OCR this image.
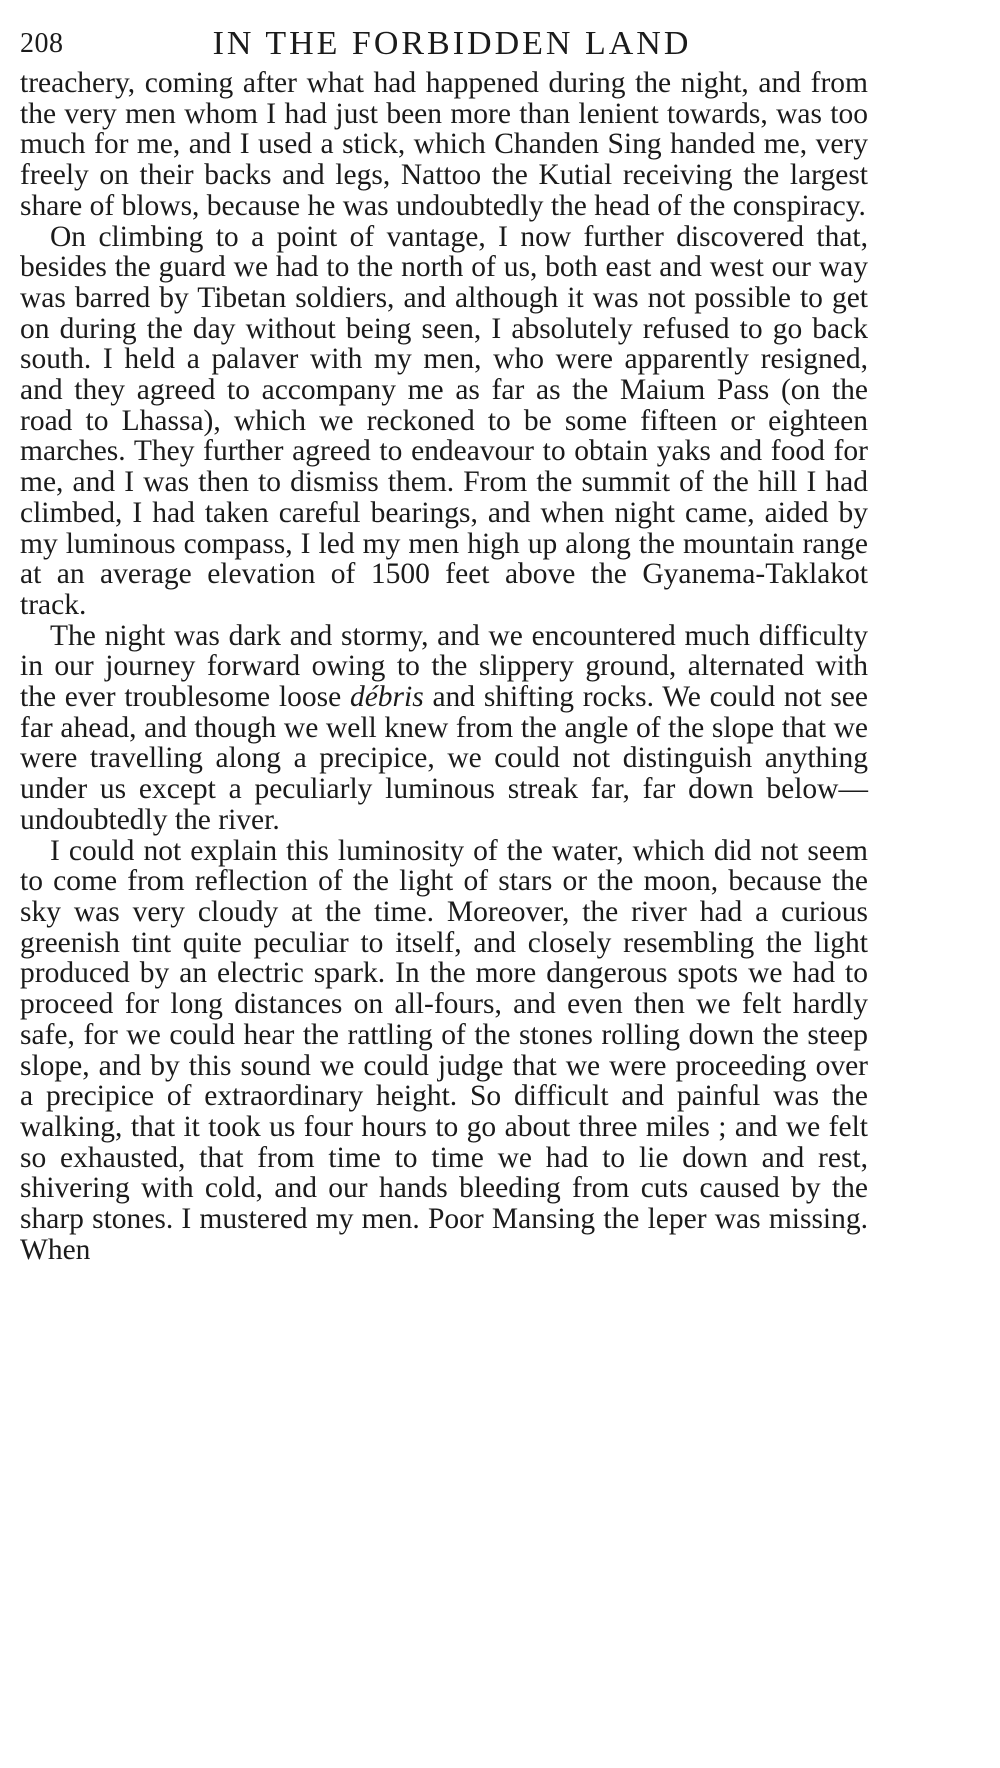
208	IN THE FORBIDDEN LAND

treachery, coming after what had happened during the night, and from the very men whom I had just been more than lenient towards, was too much for me, and I used a stick, which Chanden Sing handed me, very freely on their backs and legs, Nattoo the Kutial receiving the largest share of blows, because he was undoubtedly the head of the conspiracy.

On climbing to a point of vantage, I now further discovered that, besides the guard we had to the north of us, both east and west our way was barred by Tibetan soldiers, and although it was not possible to get on during the day without being seen, I absolutely refused to go back south. I held a palaver with my men, who were apparently resigned, and they agreed to accompany me as far as the Maium Pass (on the road to Lhassa), which we reckoned to be some fifteen or eighteen marches. They further agreed to endeavour to obtain yaks and food for me, and I was then to dismiss them. From the summit of the hill I had climbed, I had taken careful bearings, and when night came, aided by my luminous compass, I led my men high up along the mountain range at an average elevation of 1500 feet above the Gyanema-Taklakot track.

The night was dark and stormy, and we encountered much difficulty in our journey forward owing to the slippery ground, alternated with the ever troublesome loose débris and shifting rocks. We could not see far ahead, and though we well knew from the angle of the slope that we were travelling along a precipice, we could not distinguish anything under us except a peculiarly luminous streak far, far down below—undoubtedly the river.

I could not explain this luminosity of the water, which did not seem to come from reflection of the light of stars or the moon, because the sky was very cloudy at the time. Moreover, the river had a curious greenish tint quite peculiar to itself, and closely resembling the light produced by an electric spark. In the more dangerous spots we had to proceed for long distances on all-fours, and even then we felt hardly safe, for we could hear the rattling of the stones rolling down the steep slope, and by this sound we could judge that we were proceeding over a precipice of extraordinary height. So difficult and painful was the walking, that it took us four hours to go about three miles ; and we felt so exhausted, that from time to time we had to lie down and rest, shivering with cold, and our hands bleeding from cuts caused by the sharp stones. I mustered my men. Poor Mansing the leper was missing. When
